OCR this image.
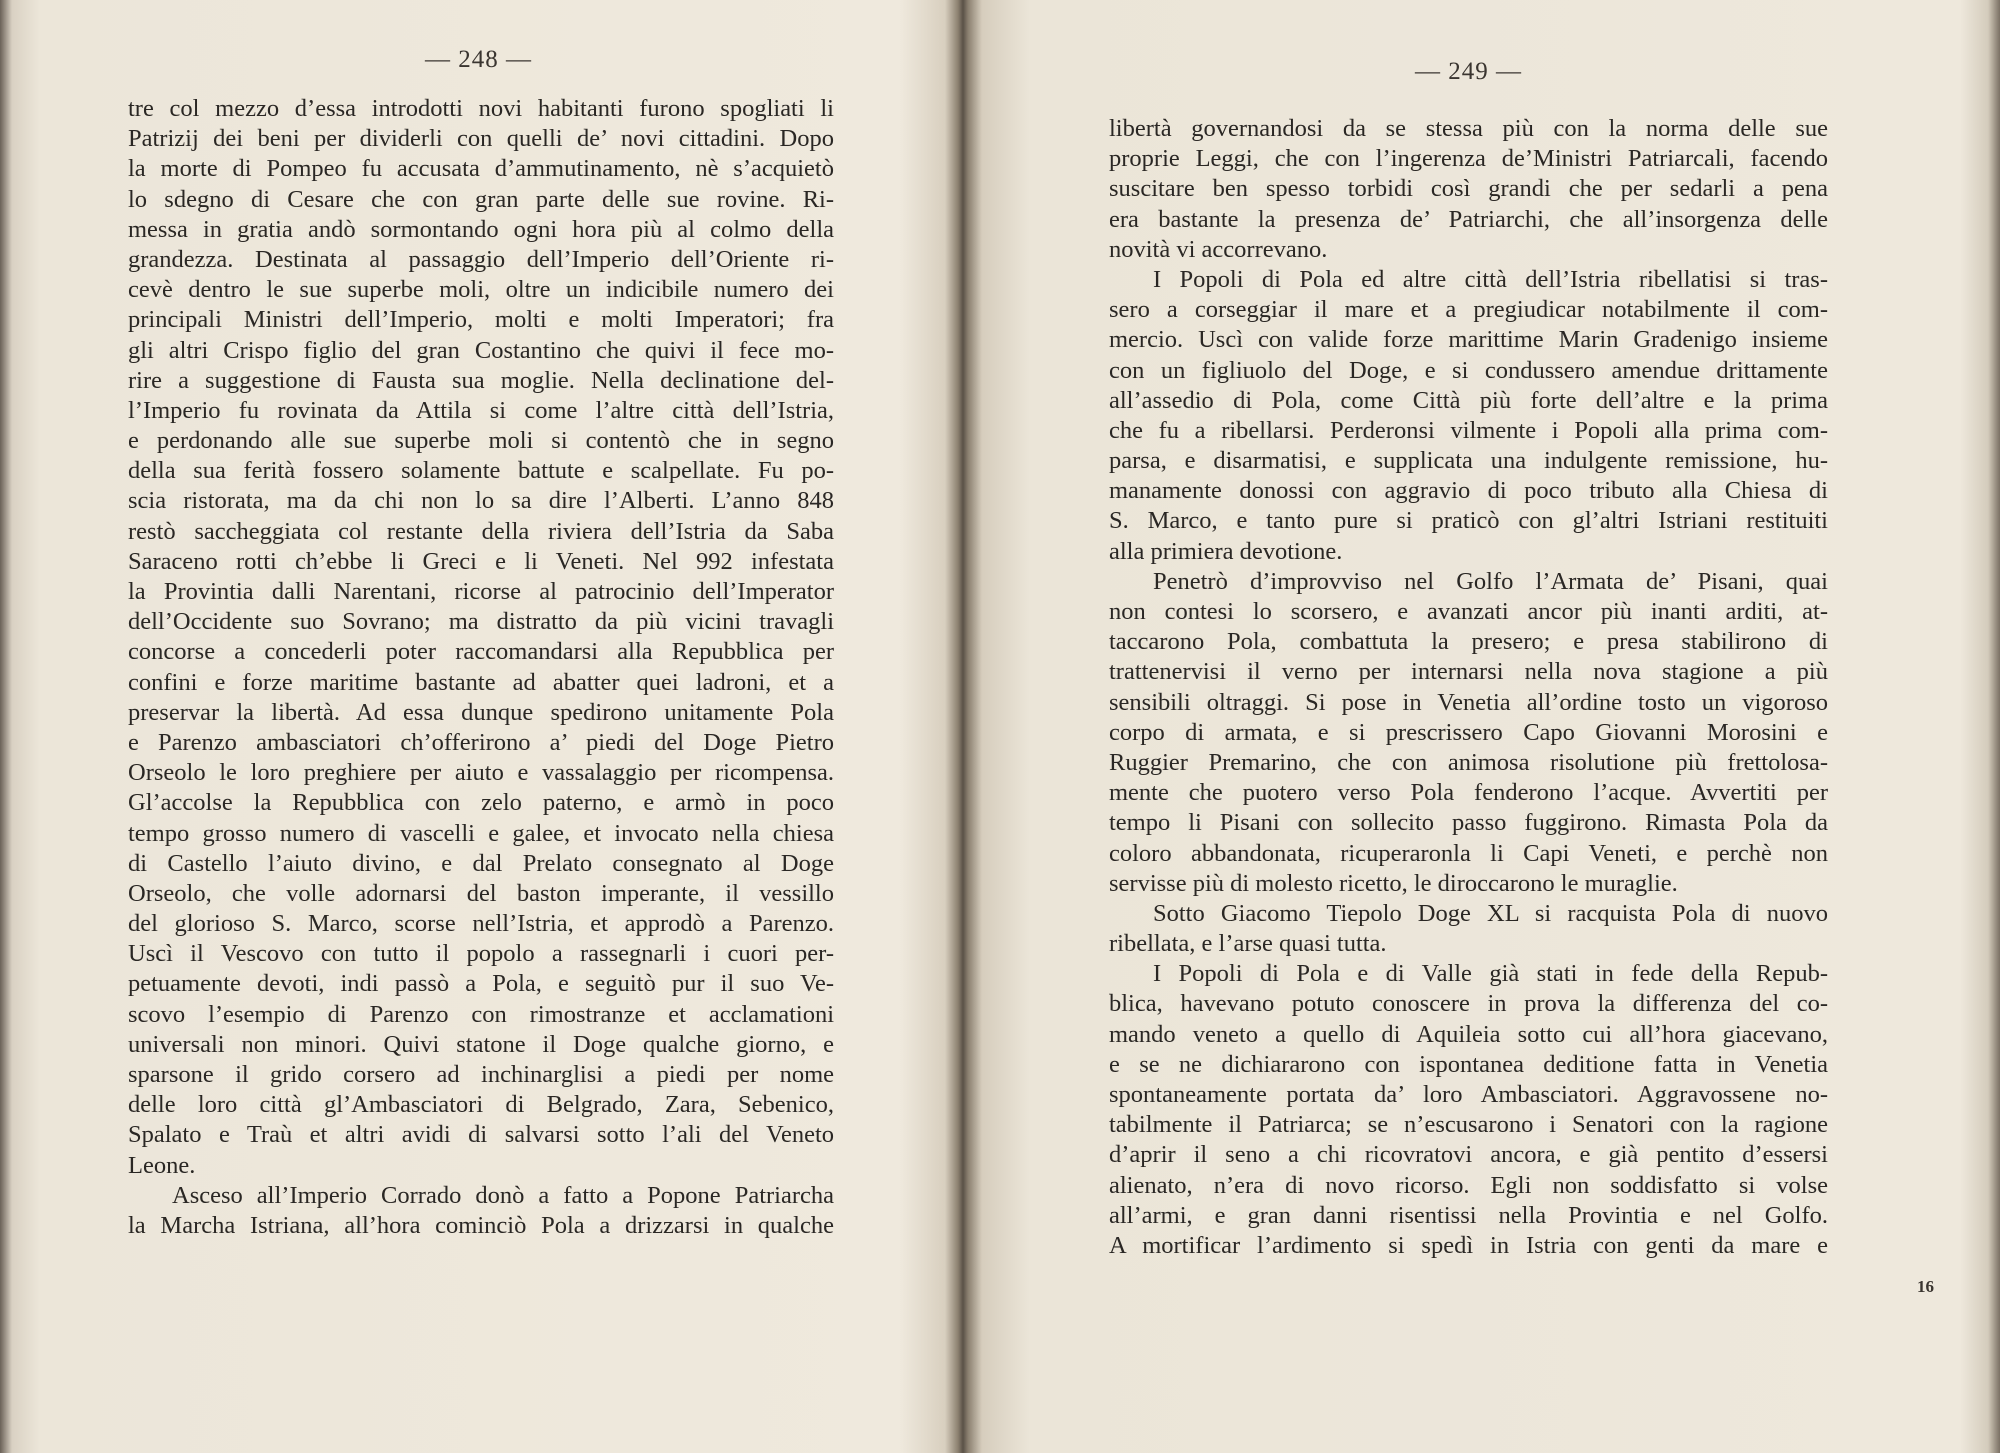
— 248 —
tre col mezzo d’essa introdotti novi habitanti furono spogliati li
Patrizij dei beni per dividerli con quelli de’ novi cittadini. Dopo
la morte di Pompeo fu accusata d’ammutinamento, nè s’acquietò
lo sdegno di Cesare che con gran parte delle sue rovine. Ri-
messa in gratia andò sormontando ogni hora più al colmo della
grandezza. Destinata al passaggio dell’Imperio dell’Oriente ri-
cevè dentro le sue superbe moli, oltre un indicibile numero dei
principali Ministri dell’Imperio, molti e molti Imperatori; fra
gli altri Crispo figlio del gran Costantino che quivi il fece mo-
rire a suggestione di Fausta sua moglie. Nella declinatione del-
l’Imperio fu rovinata da Attila si come l’altre città dell’Istria,
e perdonando alle sue superbe moli si contentò che in segno
della sua ferità fossero solamente battute e scalpellate. Fu po-
scia ristorata, ma da chi non lo sa dire l’Alberti. L’anno 848
restò saccheggiata col restante della riviera dell’Istria da Saba
Saraceno rotti ch’ebbe li Greci e li Veneti. Nel 992 infestata
la Provintia dalli Narentani, ricorse al patrocinio dell’Imperator
dell’Occidente suo Sovrano; ma distratto da più vicini travagli
concorse a concederli poter raccomandarsi alla Repubblica per
confini e forze maritime bastante ad abatter quei ladroni, et a
preservar la libertà. Ad essa dunque spedirono unitamente Pola
e Parenzo ambasciatori ch’offerirono a’ piedi del Doge Pietro
Orseolo le loro preghiere per aiuto e vassalaggio per ricompensa.
Gl’accolse la Repubblica con zelo paterno, e armò in poco
tempo grosso numero di vascelli e galee, et invocato nella chiesa
di Castello l’aiuto divino, e dal Prelato consegnato al Doge
Orseolo, che volle adornarsi del baston imperante, il vessillo
del glorioso S. Marco, scorse nell’Istria, et approdò a Parenzo.
Uscì il Vescovo con tutto il popolo a rassegnarli i cuori per-
petuamente devoti, indi passò a Pola, e seguitò pur il suo Ve-
scovo l’esempio di Parenzo con rimostranze et acclamationi
universali non minori. Quivi statone il Doge qualche giorno, e
sparsone il grido corsero ad inchinarglisi a piedi per nome
delle loro città gl’Ambasciatori di Belgrado, Zara, Sebenico,
Spalato e Traù et altri avidi di salvarsi sotto l’ali del Veneto
Leone.
Asceso all’Imperio Corrado donò a fatto a Popone Patriarcha
la Marcha Istriana, all’hora cominciò Pola a drizzarsi in qualche
— 249 —
libertà governandosi da se stessa più con la norma delle sue
proprie Leggi, che con l’ingerenza de’Ministri Patriarcali, facendo
suscitare ben spesso torbidi così grandi che per sedarli a pena
era bastante la presenza de’ Patriarchi, che all’insorgenza delle
novità vi accorrevano.
I Popoli di Pola ed altre città dell’Istria ribellatisi si tras-
sero a corseggiar il mare et a pregiudicar notabilmente il com-
mercio. Uscì con valide forze marittime Marin Gradenigo insieme
con un figliuolo del Doge, e si condussero amendue drittamente
all’assedio di Pola, come Città più forte dell’altre e la prima
che fu a ribellarsi. Perderonsi vilmente i Popoli alla prima com-
parsa, e disarmatisi, e supplicata una indulgente remissione, hu-
manamente donossi con aggravio di poco tributo alla Chiesa di
S. Marco, e tanto pure si praticò con gl’altri Istriani restituiti
alla primiera devotione.
Penetrò d’improvviso nel Golfo l’Armata de’ Pisani, quai
non contesi lo scorsero, e avanzati ancor più inanti arditi, at-
taccarono Pola, combattuta la presero; e presa stabilirono di
trattenervisi il verno per internarsi nella nova stagione a più
sensibili oltraggi. Si pose in Venetia all’ordine tosto un vigoroso
corpo di armata, e si prescrissero Capo Giovanni Morosini e
Ruggier Premarino, che con animosa risolutione più frettolosa-
mente che puotero verso Pola fenderono l’acque. Avvertiti per
tempo li Pisani con sollecito passo fuggirono. Rimasta Pola da
coloro abbandonata, ricuperaronla li Capi Veneti, e perchè non
servisse più di molesto ricetto, le diroccarono le muraglie.
Sotto Giacomo Tiepolo Doge XL si racquista Pola di nuovo
ribellata, e l’arse quasi tutta.
I Popoli di Pola e di Valle già stati in fede della Repub-
blica, havevano potuto conoscere in prova la differenza del co-
mando veneto a quello di Aquileia sotto cui all’hora giacevano,
e se ne dichiararono con ispontanea deditione fatta in Venetia
spontaneamente portata da’ loro Ambasciatori. Aggravossene no-
tabilmente il Patriarca; se n’escusarono i Senatori con la ragione
d’aprir il seno a chi ricovratovi ancora, e già pentito d’essersi
alienato, n’era di novo ricorso. Egli non soddisfatto si volse
all’armi, e gran danni risentissi nella Provintia e nel Golfo.
A mortificar l’ardimento si spedì in Istria con genti da mare e
16
